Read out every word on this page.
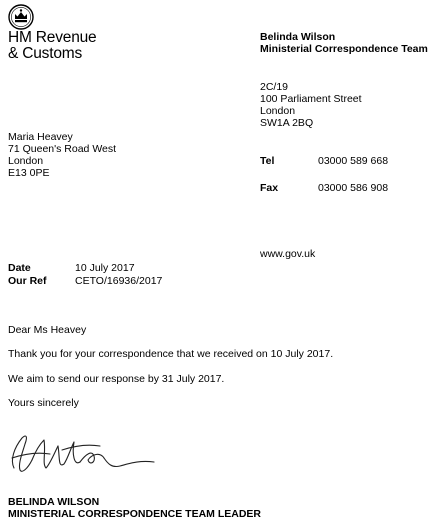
HM Revenue
& Customs
Belinda Wilson
Ministerial Correspondence Team
2C/19
100 Parliament Street
London
SW1A 2BQ
Maria Heavey
71 Queen's Road West
London
E13 0PE
Tel	03000 589 668
Fax	03000 586 908
www.gov.uk
Date	10 July 2017
Our Ref	CETO/16936/2017
Dear Ms Heavey
Thank you for your correspondence that we received on 10 July 2017.
We aim to send our response by 31 July 2017.
Yours sincerely
BELINDA WILSON
MINISTERIAL CORRESPONDENCE TEAM LEADER
